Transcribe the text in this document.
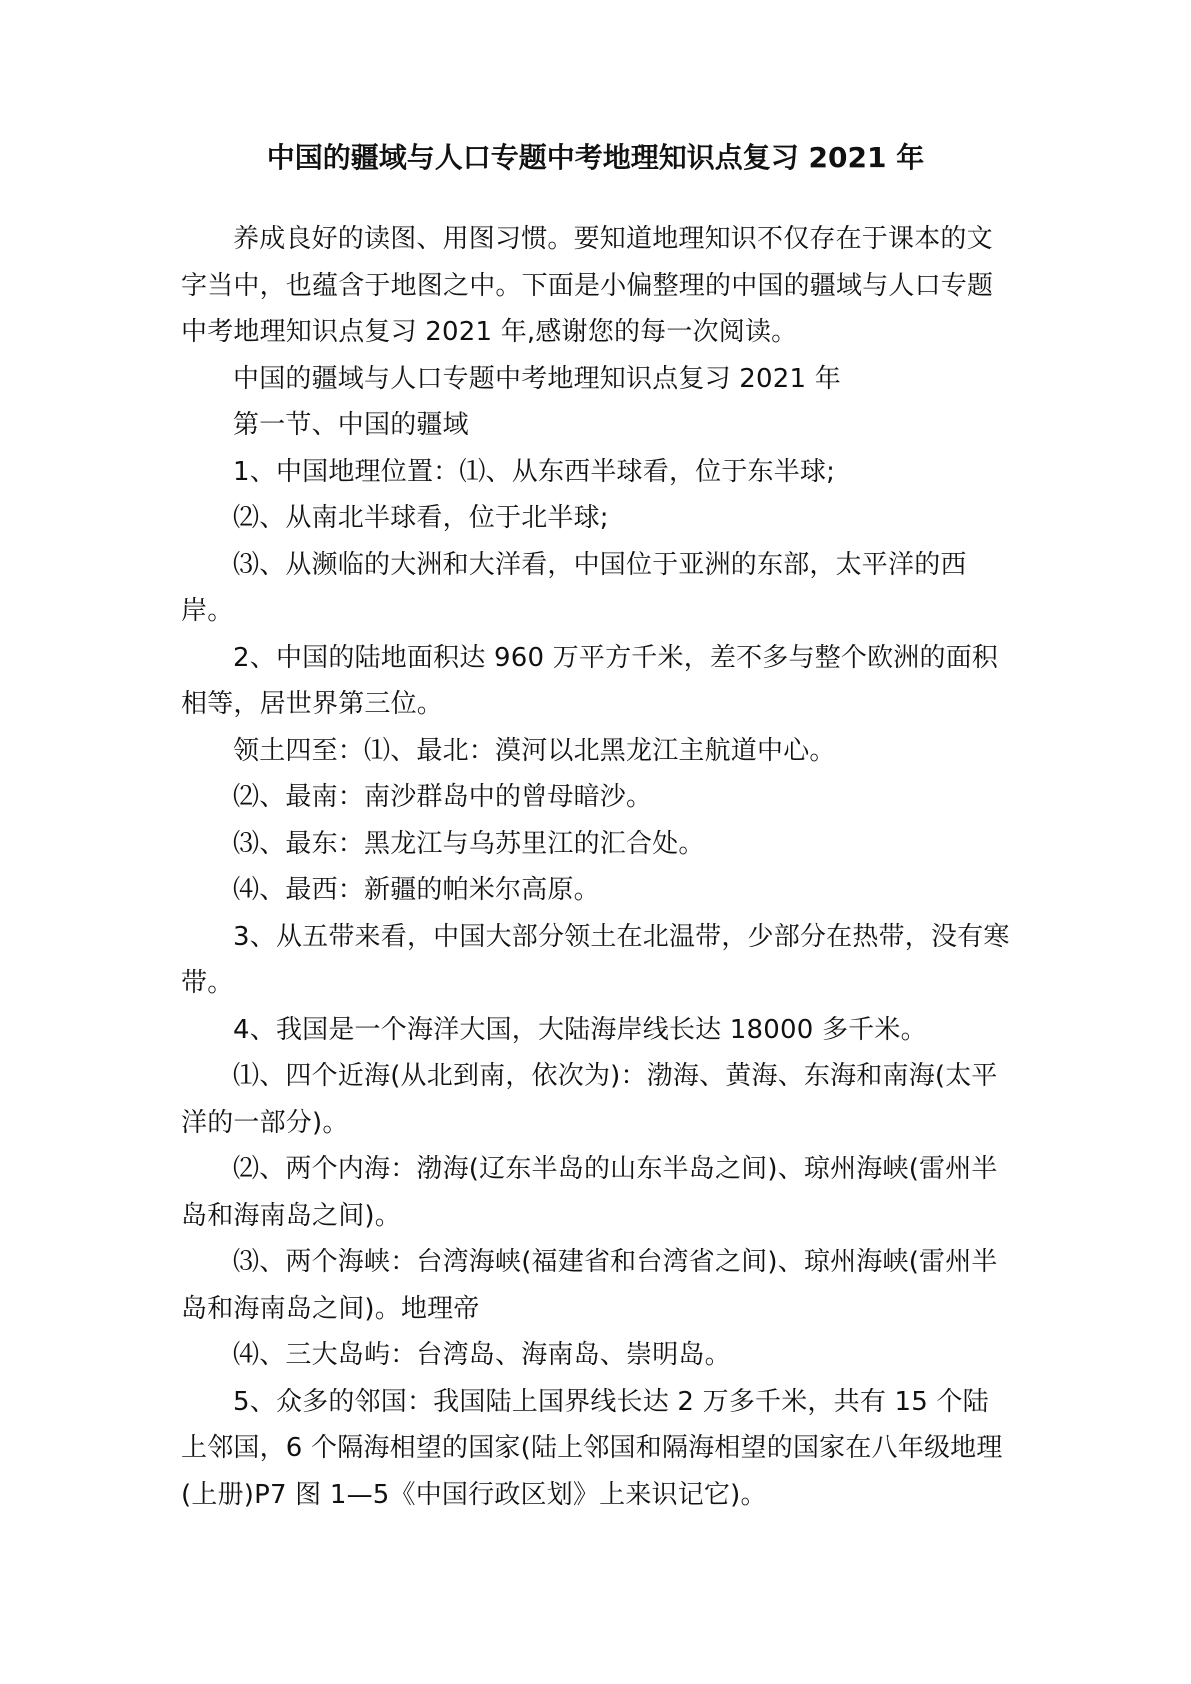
中国的疆域与人口专题中考地理知识点复习 2021 年

养成良好的读图、用图习惯。要知道地理知识不仅存在于课本的文字当中，也蕴含于地图之中。下面是小偏整理的中国的疆域与人口专题中考地理知识点复习 2021 年,感谢您的每一次阅读。

中国的疆域与人口专题中考地理知识点复习 2021 年

第一节、中国的疆域

1、中国地理位置：⑴、从东西半球看，位于东半球;

⑵、从南北半球看，位于北半球;

⑶、从濒临的大洲和大洋看，中国位于亚洲的东部，太平洋的西岸。

2、中国的陆地面积达 960 万平方千米，差不多与整个欧洲的面积相等，居世界第三位。

领土四至：⑴、最北：漠河以北黑龙江主航道中心。

⑵、最南：南沙群岛中的曾母暗沙。

⑶、最东：黑龙江与乌苏里江的汇合处。

⑷、最西：新疆的帕米尔高原。

3、从五带来看，中国大部分领土在北温带，少部分在热带，没有寒带。

4、我国是一个海洋大国，大陆海岸线长达 18000 多千米。

⑴、四个近海(从北到南，依次为)：渤海、黄海、东海和南海(太平洋的一部分)。

⑵、两个内海：渤海(辽东半岛的山东半岛之间)、琼州海峡(雷州半岛和海南岛之间)。

⑶、两个海峡：台湾海峡(福建省和台湾省之间)、琼州海峡(雷州半岛和海南岛之间)。地理帝

⑷、三大岛屿：台湾岛、海南岛、崇明岛。

5、众多的邻国：我国陆上国界线长达 2 万多千米，共有 15 个陆上邻国，6 个隔海相望的国家(陆上邻国和隔海相望的国家在八年级地理(上册)P7 图 1—5《中国行政区划》上来识记它)。
